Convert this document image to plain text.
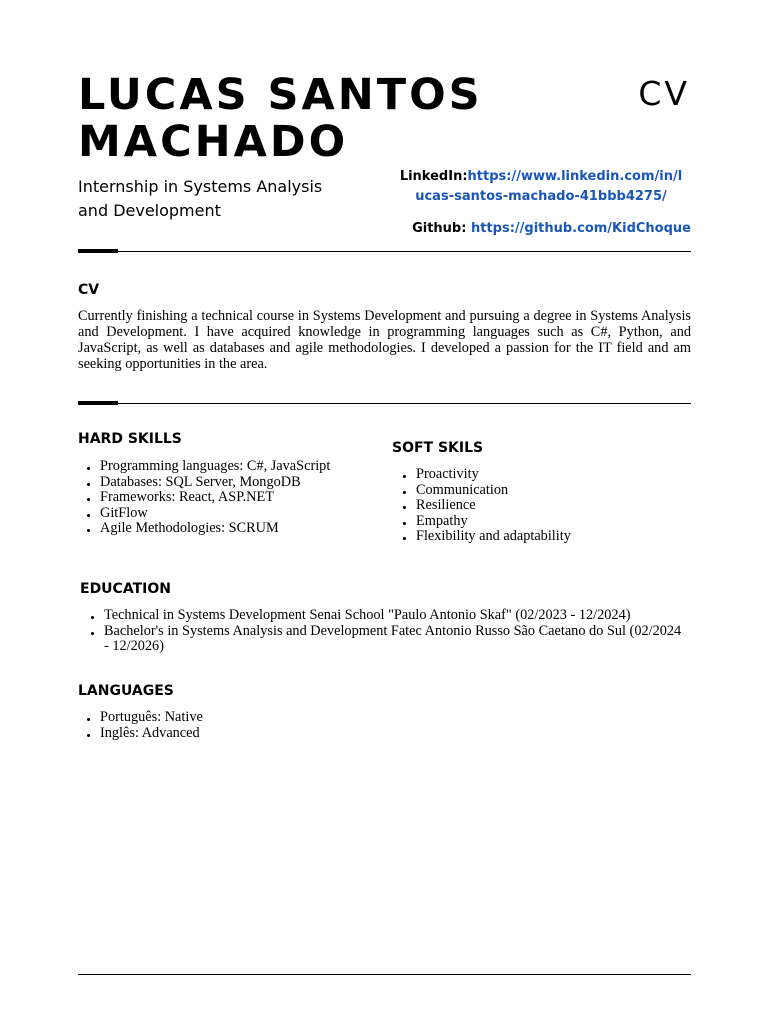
LUCAS SANTOS
MACHADO
CV
Internship in Systems Analysis
and Development
LinkedIn:https://www.linkedin.com/in/l
ucas-santos-machado-41bbb4275/
Github: https://github.com/KidChoque
CV
Currently finishing a technical course in Systems Development and pursuing a degree in Systems Analysis and Development. I have acquired knowledge in programming languages such as C#, Python, and JavaScript, as well as databases and agile methodologies. I developed a passion for the IT field and am seeking opportunities in the area.
HARD SKILLS
Programming languages: C#, JavaScript
Databases: SQL Server, MongoDB
Frameworks: React, ASP.NET
GitFlow
Agile Methodologies: SCRUM
SOFT SKILS
Proactivity
Communication
Resilience
Empathy
Flexibility and adaptability
EDUCATION
Technical in Systems Development Senai School "Paulo Antonio Skaf" (02/2023 - 12/2024)
Bachelor's in Systems Analysis and Development Fatec Antonio Russo São Caetano do Sul (02/2024 - 12/2026)
LANGUAGES
Português: Native
Inglês: Advanced
